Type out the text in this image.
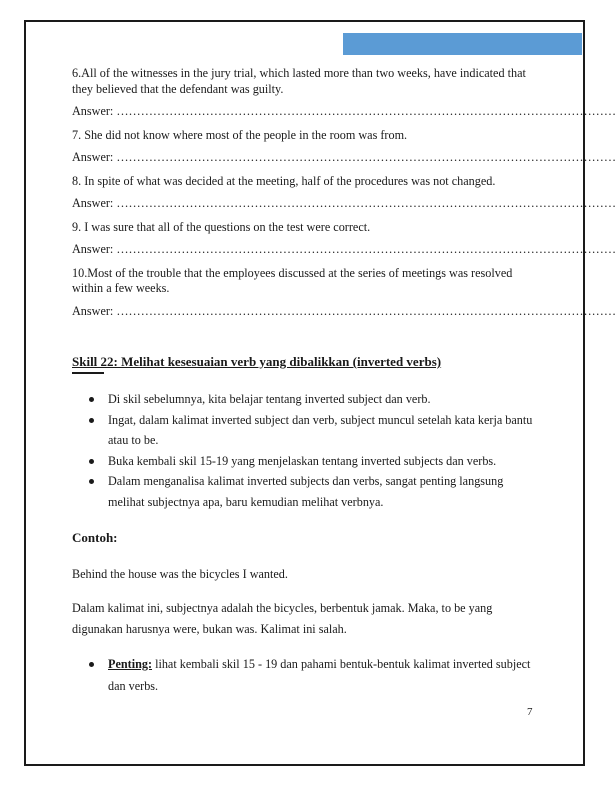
6.All of the witnesses in the jury trial, which lasted more than two weeks, have indicated that they believed that the defendant was guilty.

Answer: ……………………………………………………………………………………………………………

7. She did not know where most of the people in the room was from.

Answer: ……………………………………………………………………………………………………………

8. In spite of what was decided at the meeting, half of the procedures was not changed.

Answer: ……………………………………………………………………………………………………………

9. I was sure that all of the questions on the test were correct.

Answer: ……………………………………………………………………………………………………………

10.Most of the trouble that the employees discussed at the series of meetings was resolved within a few weeks.

Answer: ……………………………………………………………………………………………………………

Skill 22: Melihat kesesuaian verb yang dibalikkan (inverted verbs)
Di skil sebelumnya, kita belajar tentang inverted subject dan verb.
Ingat, dalam kalimat inverted subject dan verb, subject muncul setelah kata kerja bantu atau to be.
Buka kembali skil 15-19 yang menjelaskan tentang inverted subjects dan verbs.
Dalam menganalisa kalimat inverted subjects dan verbs, sangat penting langsung melihat subjectnya apa, baru kemudian melihat verbnya.
Contoh:
Behind the house was the bicycles I wanted.
Dalam kalimat ini, subjectnya adalah the bicycles, berbentuk jamak. Maka, to be yang digunakan harusnya were, bukan was. Kalimat ini salah.
Penting: lihat kembali skil 15 - 19 dan pahami bentuk-bentuk kalimat inverted subject dan verbs.
7
